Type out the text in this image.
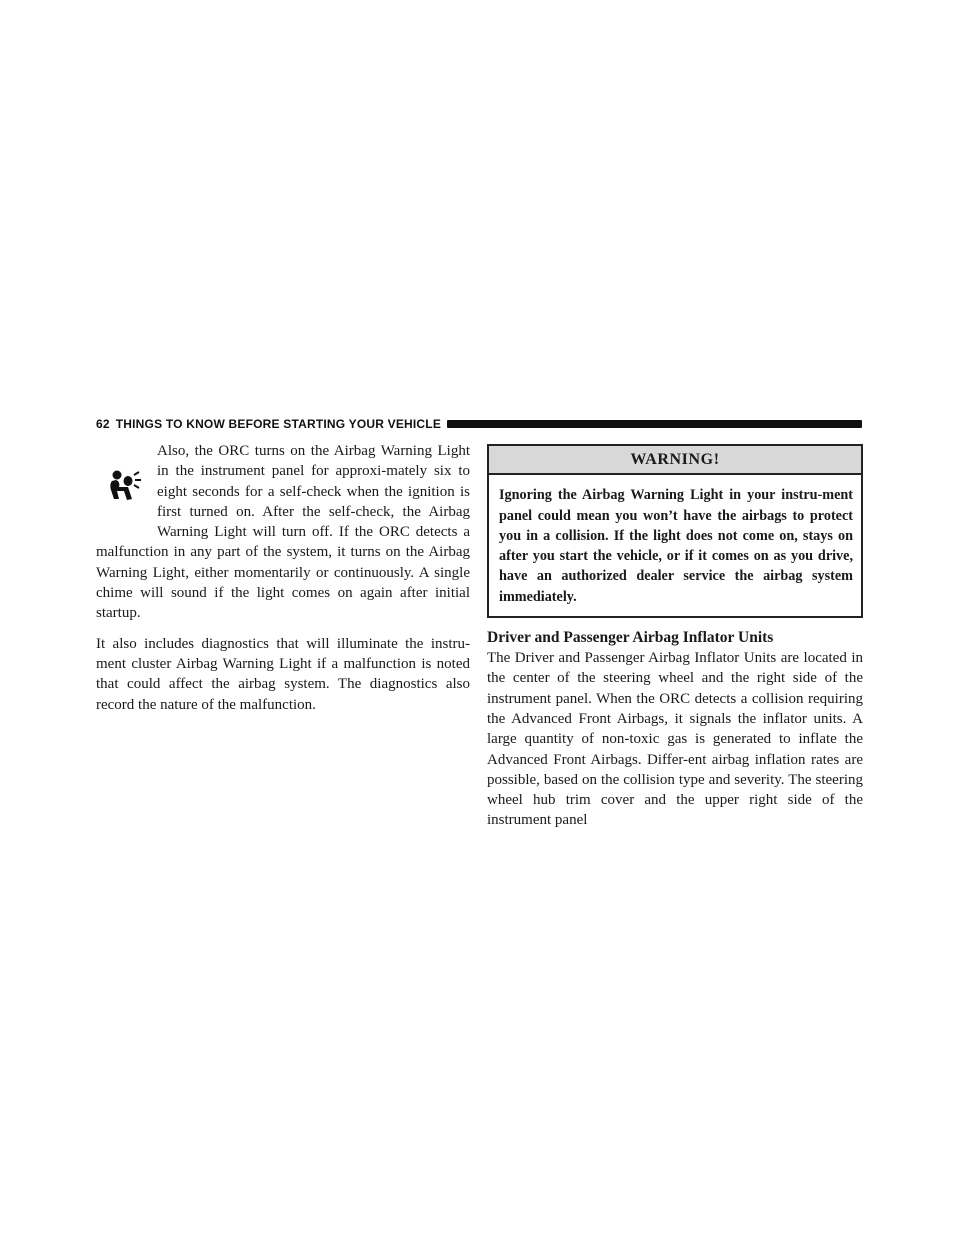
62 THINGS TO KNOW BEFORE STARTING YOUR VEHICLE

Also, the ORC turns on the Airbag Warning Light in the instrument panel for approxi-mately six to eight seconds for a self-check when the ignition is first turned on. After the self-check, the Airbag Warning Light will turn off. If the ORC detects a malfunction in any part of the system, it turns on the Airbag Warning Light, either momentarily or continuously. A single chime will sound if the light comes on again after initial startup.

It also includes diagnostics that will illuminate the instru-ment cluster Airbag Warning Light if a malfunction is noted that could affect the airbag system. The diagnostics also record the nature of the malfunction.

WARNING!
Ignoring the Airbag Warning Light in your instru-ment panel could mean you won’t have the airbags to protect you in a collision. If the light does not come on, stays on after you start the vehicle, or if it comes on as you drive, have an authorized dealer service the airbag system immediately.
Driver and Passenger Airbag Inflator Units

The Driver and Passenger Airbag Inflator Units are located in the center of the steering wheel and the right side of the instrument panel. When the ORC detects a collision requiring the Advanced Front Airbags, it signals the inflator units. A large quantity of non-toxic gas is generated to inflate the Advanced Front Airbags. Differ-ent airbag inflation rates are possible, based on the collision type and severity. The steering wheel hub trim cover and the upper right side of the instrument panel
